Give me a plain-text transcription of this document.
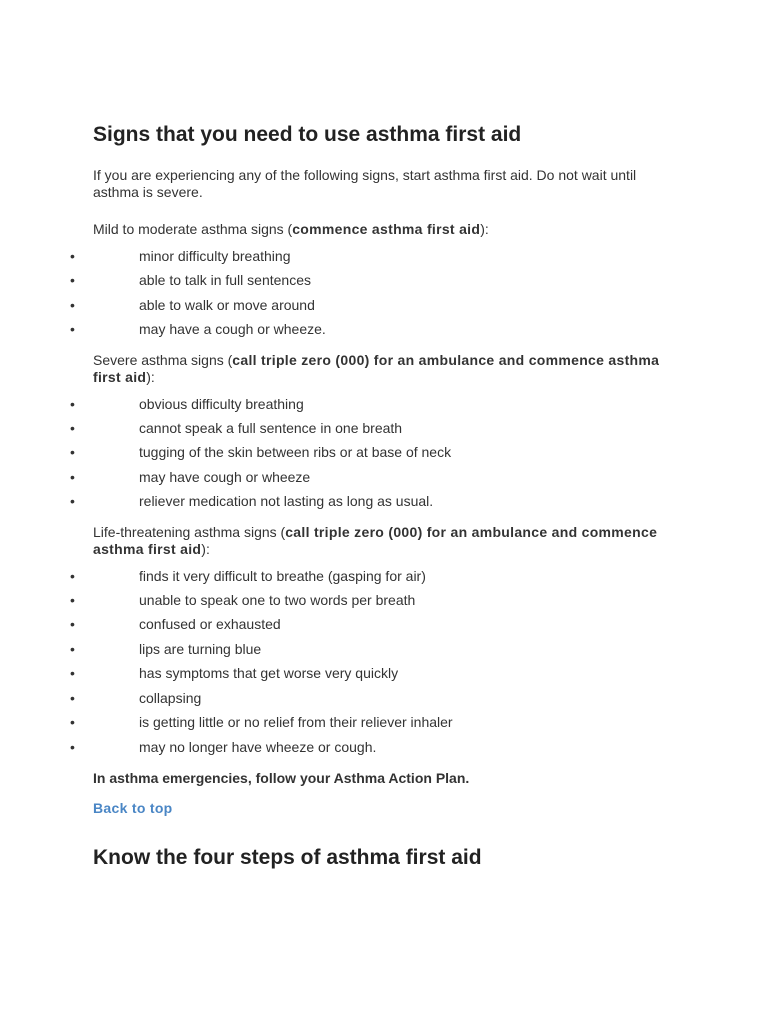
Signs that you need to use asthma first aid

If you are experiencing any of the following signs, start asthma first aid. Do not wait until asthma is severe.

Mild to moderate asthma signs (commence asthma first aid):

•	minor difficulty breathing
•	able to talk in full sentences
•	able to walk or move around
•	may have a cough or wheeze.

Severe asthma signs (call triple zero (000) for an ambulance and commence asthma first aid):

•	obvious difficulty breathing
•	cannot speak a full sentence in one breath
•	tugging of the skin between ribs or at base of neck
•	may have cough or wheeze
•	reliever medication not lasting as long as usual.

Life-threatening asthma signs (call triple zero (000) for an ambulance and commence asthma first aid):

•	finds it very difficult to breathe (gasping for air)
•	unable to speak one to two words per breath
•	confused or exhausted
•	lips are turning blue
•	has symptoms that get worse very quickly
•	collapsing
•	is getting little or no relief from their reliever inhaler
•	may no longer have wheeze or cough.

In asthma emergencies, follow your Asthma Action Plan.

Back to top
Know the four steps of asthma first aid
